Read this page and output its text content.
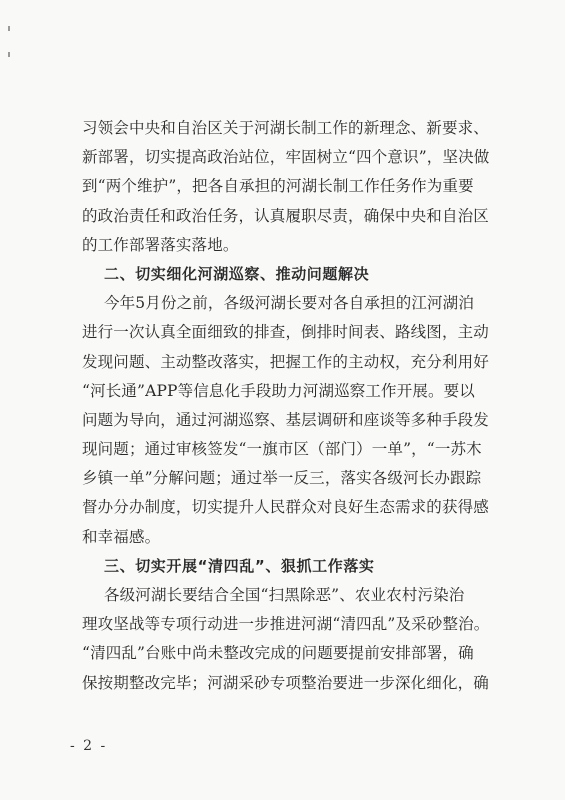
习领会中央和自治区关于河湖长制工作的新理念、新要求、
新部署，切实提高政治站位，牢固树立“四个意识”，坚决做
到“两个维护”，把各自承担的河湖长制工作任务作为重要
的政治责任和政治任务，认真履职尽责，确保中央和自治区
的工作部署落实落地。
二、切实细化河湖巡察、推动问题解决
今年5月份之前，各级河湖长要对各自承担的江河湖泊
进行一次认真全面细致的排查，倒排时间表、路线图，主动
发现问题、主动整改落实，把握工作的主动权，充分利用好
“河长通”APP等信息化手段助力河湖巡察工作开展。要以
问题为导向，通过河湖巡察、基层调研和座谈等多种手段发
现问题；通过审核签发“一旗市区（部门）一单”，“一苏木
乡镇一单”分解问题；通过举一反三，落实各级河长办跟踪
督办分办制度，切实提升人民群众对良好生态需求的获得感
和幸福感。
三、切实开展“清四乱”、狠抓工作落实
各级河湖长要结合全国“扫黑除恶”、农业农村污染治
理攻坚战等专项行动进一步推进河湖“清四乱”及采砂整治。
“清四乱”台账中尚未整改完成的问题要提前安排部署，确
保按期整改完毕；河湖采砂专项整治要进一步深化细化，确
- 2 -
